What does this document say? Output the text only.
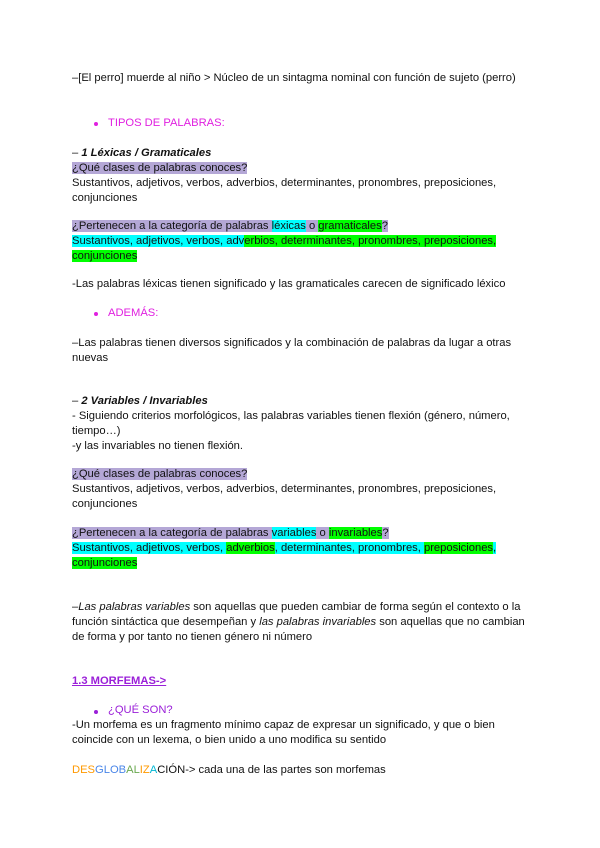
–[El perro] muerde al niño > Núcleo de un sintagma nominal con función de sujeto (perro)
TIPOS DE PALABRAS:
– 1 Léxicas / Gramaticales
¿Qué clases de palabras conoces?
Sustantivos, adjetivos, verbos, adverbios, determinantes, pronombres, preposiciones,
conjunciones
¿Pertenecen a la categoría de palabras léxicas o gramaticales?
Sustantivos, adjetivos, verbos, adverbios, determinantes, pronombres, preposiciones,
conjunciones
-Las palabras léxicas tienen significado y las gramaticales carecen de significado léxico
ADEMÁS:
–Las palabras tienen diversos significados y la combinación de palabras da lugar a otras
nuevas
– 2 Variables / Invariables
- Siguiendo criterios morfológicos, las palabras variables tienen flexión (género, número,
tiempo…)
-y las invariables no tienen flexión.
¿Qué clases de palabras conoces?
Sustantivos, adjetivos, verbos, adverbios, determinantes, pronombres, preposiciones,
conjunciones
¿Pertenecen a la categoría de palabras variables o invariables?
Sustantivos, adjetivos, verbos, adverbios, determinantes, pronombres, preposiciones,
conjunciones
–Las palabras variables son aquellas que pueden cambiar de forma según el contexto o la
función sintáctica que desempeñan y las palabras invariables son aquellas que no cambian
de forma y por tanto no tienen género ni número
1.3 MORFEMAS->
¿QUÉ SON?
-Un morfema es un fragmento mínimo capaz de expresar un significado, y que o bien
coincide con un lexema, o bien unido a uno modifica su sentido
DESGLOBALIZACIÓN-> cada una de las partes son morfemas
